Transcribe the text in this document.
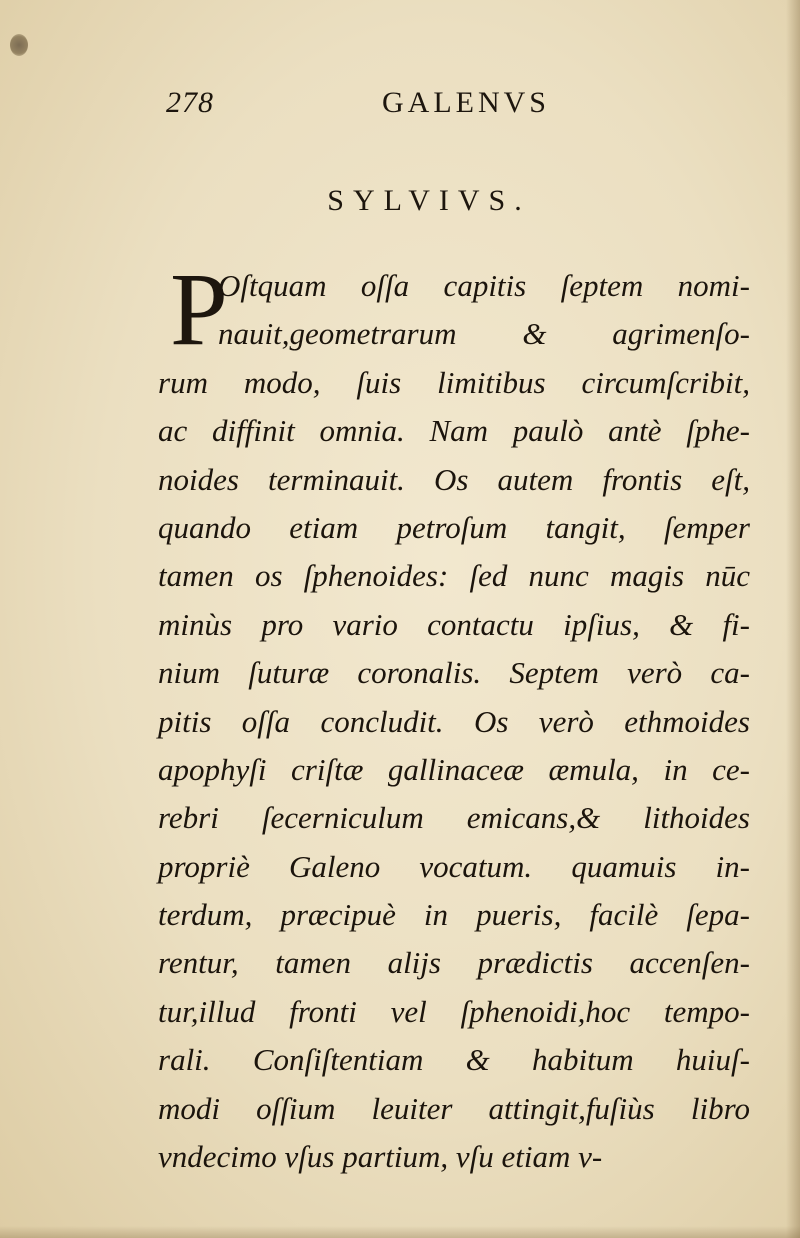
278	GALENVS
SYLVIVS.
P
Oſtquam oſſa capitis ſeptem nomi-
nauit,geometrarum & agrimenſo-
rum modo, ſuis limitibus circumſcribit,
ac diffinit omnia. Nam paulò antè ſphe-
noides terminauit. Os autem frontis eſt,
quando etiam petroſum tangit, ſemper
tamen os ſphenoides: ſed nunc magis nūc
minùs pro vario contactu ipſius, & fi-
nium ſuturæ coronalis. Septem verò ca-
pitis oſſa concludit. Os verò ethmoides
apophyſi criſtæ gallinaceæ æmula, in ce-
rebri ſecerniculum emicans,& lithoides
propriè Galeno vocatum. quamuis in-
terdum, præcipuè in pueris, facilè ſepa-
rentur, tamen alijs prædictis accenſen-
tur,illud fronti vel ſphenoidi,hoc tempo-
rali. Conſiſtentiam & habitum huiuſ-
modi oſſium leuiter attingit,fuſiùs libro
vndecimo vſus partium, vſu etiam v-
